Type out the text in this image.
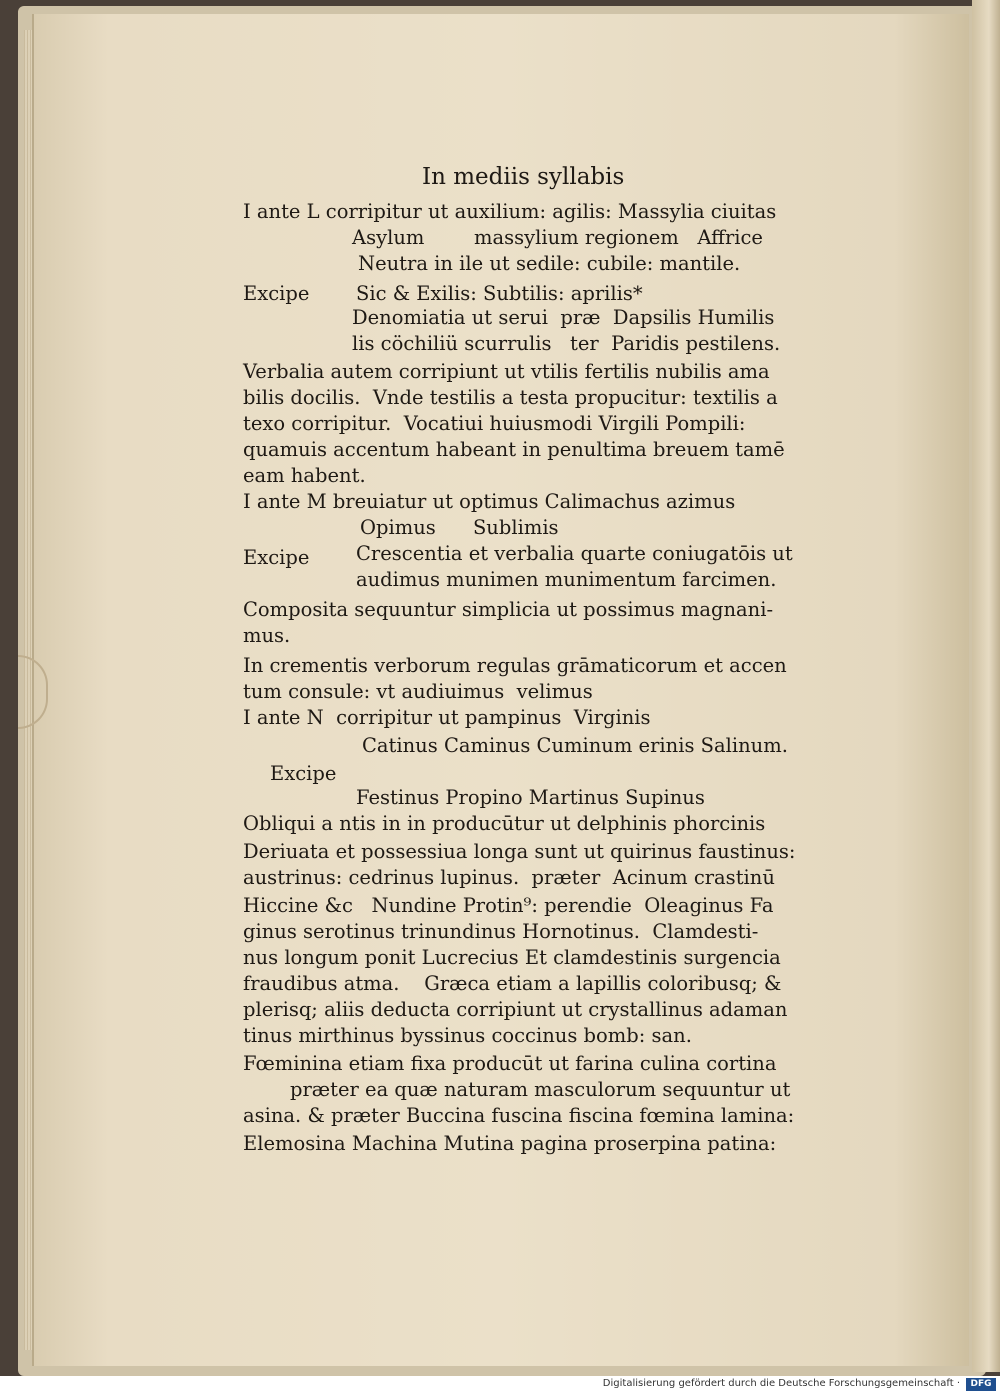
In mediis syllabis
I ante L corripitur ut auxilium: agilis: Massylia ciuitas
Asylum        massylium regionem   Affrice
Neutra in ile ut sedile: cubile: mantile.
Excipe Sic & Exilis: Subtilis: aprilis*
Denomiatia ut serui  præ  Dapsilis Humilis
lis cöchiliü scurrulis   ter  Paridis pestilens.
Verbalia autem corripiunt ut vtilis fertilis nubilis ama
bilis docilis.  Vnde testilis a testa propucitur: textilis a
texo corripitur.  Vocatiui huiusmodi Virgili Pompili:
quamuis accentum habeant in penultima breuem tamē
eam habent.
I ante M breuiatur ut optimus Calimachus azimus
Opimus      Sublimis
Excipe Crescentia et verbalia quarte coniugatōis ut
audimus munimen munimentum farcimen.
Composita sequuntur simplicia ut possimus magnani-
mus.
In crementis verborum regulas grāmaticorum et accen
tum consule: vt audiuimus  velimus
I ante N  corripitur ut pampinus  Virginis
Catinus Caminus Cuminum erinis Salinum.
Excipe
Festinus Propino Martinus Supinus
Obliqui a ntis in in producūtur ut delphinis phorcinis
Deriuata et possessiua longa sunt ut quirinus faustinus:
austrinus: cedrinus lupinus.  præter  Acinum crastinū
Hiccine &c   Nundine Protin⁹: perendie  Oleaginus Fa
ginus serotinus trinundinus Hornotinus.  Clamdesti-
nus longum ponit Lucrecius Et clamdestinis surgencia
fraudibus atma.    Græca etiam a lapillis coloribusq; &
plerisq; aliis deducta corripiunt ut crystallinus adaman
tinus mirthinus byssinus coccinus bomb: san.
Fœminina etiam fixa producūt ut farina culina cortina
præter ea quæ naturam masculorum sequuntur ut
asina. & præter Buccina fuscina fiscina fœmina lamina:
Elemosina Machina Mutina pagina proserpina patina:
Digitalisierung gefördert durch die Deutsche Forschungsgemeinschaft ·	DFG
